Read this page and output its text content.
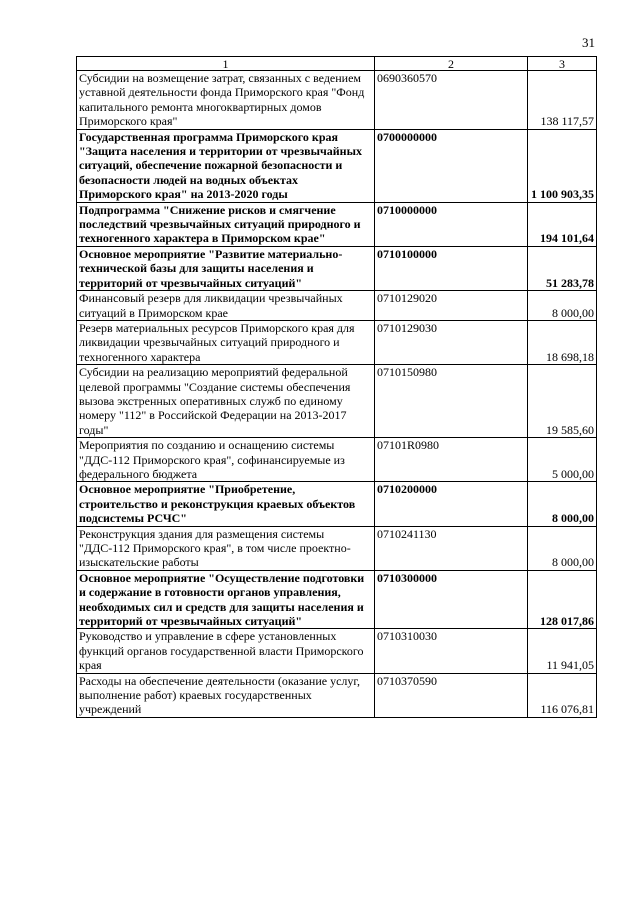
31
1	2	3
Субсидии на возмещение затрат, связанных с ведением уставной деятельности фонда Приморского края "Фонд капитального ремонта многоквартирных домов Приморского края"	0690360570	138 117,57
Государственная программа Приморского края "Защита населения и территории от чрезвычайных ситуаций, обеспечение пожарной безопасности и безопасности людей на водных объектах Приморского края" на 2013-2020 годы	0700000000	1 100 903,35
Подпрограмма "Снижение рисков и смягчение последствий чрезвычайных ситуаций природного и техногенного характера в Приморском крае"	0710000000	194 101,64
Основное мероприятие "Развитие материально-технической базы для защиты населения и территорий от чрезвычайных ситуаций"	0710100000	51 283,78
Финансовый резерв для ликвидации чрезвычайных ситуаций в Приморском крае	0710129020	8 000,00
Резерв материальных ресурсов Приморского края для ликвидации чрезвычайных ситуаций природного и техногенного характера	0710129030	18 698,18
Субсидии на реализацию мероприятий федеральной целевой программы "Создание системы обеспечения вызова экстренных оперативных служб по единому номеру "112" в Российской Федерации на 2013-2017 годы"	0710150980	19 585,60
Мероприятия по созданию и оснащению системы "ДДС-112 Приморского края", софинансируемые из федерального бюджета	07101R0980	5 000,00
Основное мероприятие "Приобретение, строительство и реконструкция краевых объектов подсистемы РСЧС"	0710200000	8 000,00
Реконструкция здания для размещения системы "ДДС-112 Приморского края", в том числе проектно-изыскательские работы	0710241130	8 000,00
Основное мероприятие "Осуществление подготовки и содержание в готовности органов управления, необходимых сил и средств для защиты населения и территорий от чрезвычайных ситуаций"	0710300000	128 017,86
Руководство и управление в сфере установленных функций органов государственной власти Приморского края	0710310030	11 941,05
Расходы на обеспечение деятельности (оказание услуг, выполнение работ) краевых государственных учреждений	0710370590	116 076,81
